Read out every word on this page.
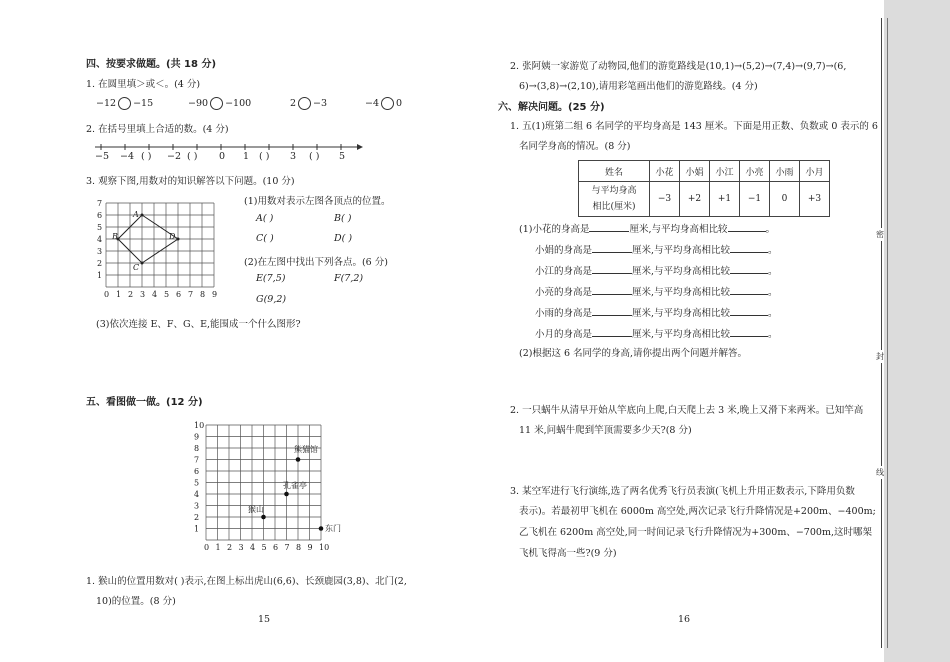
密
封
线
四、按要求做题。(共 18 分)
1. 在圆里填＞或＜。(4 分)
−12 −15	−90 −100	2 −3	−4 0
2. 在括号里填上合适的数。(4 分)
−5 −4 ( ) −2 ( ) 0 1 ( ) 3 ( ) 5
3. 观察下图,用数对的知识解答以下问题。(10 分)
0 1 2 3 4 5 6 7 8 9
1
2
3
4
5
6
7
A
B
C
D
(1)用数对表示左图各顶点的位置。
A( )	B( )
C( )	D( )
(2)在左图中找出下列各点。(6 分)
E(7,5)	F(7,2)
G(9,2)
(3)依次连接 E、F、G、E,能围成一个什么图形?
五、看图做一做。(12 分)
0 1 2 3 4 5 6 7 8 9 10
1
2
3
4
5
6
7
8
9
10
熊猫馆
孔雀亭
猴山
东门
1. 猴山的位置用数对( )表示,在图上标出虎山(6,6)、长颈鹿园(3,8)、北门(2,
10)的位置。(8 分)
15
2. 张阿姨一家游览了动物园,他们的游览路线是(10,1)→(5,2)→(7,4)→(9,7)→(6,
6)→(3,8)→(2,10),请用彩笔画出他们的游览路线。(4 分)
六、解决问题。(25 分)
1. 五(1)班第二组 6 名同学的平均身高是 143 厘米。下面是用正数、负数或 0 表示的 6
名同学身高的情况。(8 分)
姓名	小花	小娟	小江	小亮	小雨	小月
与平均身高
相比(厘米)	−3	+2	+1	−1	0	+3
(1)小花的身高是	厘米,与平均身高相比较	。
小娟的身高是	厘米,与平均身高相比较	。
小江的身高是	厘米,与平均身高相比较	。
小亮的身高是	厘米,与平均身高相比较	。
小雨的身高是	厘米,与平均身高相比较	。
小月的身高是	厘米,与平均身高相比较	。
(2)根据这 6 名同学的身高,请你提出两个问题并解答。
2. 一只蜗牛从清早开始从竿底向上爬,白天爬上去 3 米,晚上又滑下来两米。已知竿高
11 米,问蜗牛爬到竿顶需要多少天?(8 分)
3. 某空军进行飞行演练,选了两名优秀飞行员表演(飞机上升用正数表示,下降用负数
表示)。若最初甲飞机在 6000m 高空处,两次记录飞行升降情况是+200m、−400m;
乙飞机在 6200m 高空处,同一时间记录飞行升降情况为+300m、−700m,这时哪架
飞机飞得高一些?(9 分)
16
